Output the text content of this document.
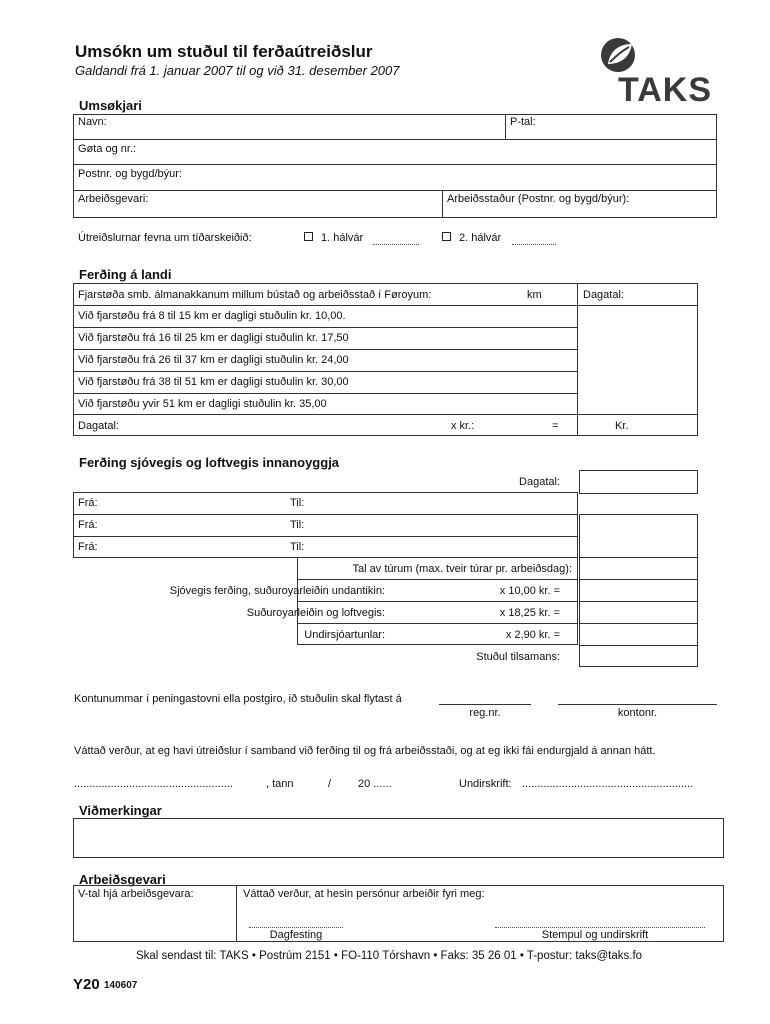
Umsókn um stuðul til ferðaútreiðslur
Galdandi frá 1. januar 2007 til og við 31. desember 2007
TAKS
Umsøkjari
Navn:	P-tal:
Gøta og nr.:
Postnr. og bygd/býur:
Arbeiðsgevari:	Arbeiðsstaður (Postnr. og bygd/býur):
Útreiðslurnar fevna um tíðarskeiðið:	1. hálvár	2. hálvár
Ferðing á landi
Fjarstøða smb. álmanakkanum millum bústað og arbeiðsstað í Føroyum:	km	Dagatal:
Við fjarstøðu frá 8 til 15 km er dagligi stuðulin kr. 10,00.
Við fjarstøðu frá 16 til 25 km er dagligi stuðulin kr. 17,50
Við fjarstøðu frá 26 til 37 km er dagligi stuðulin kr. 24,00
Við fjarstøðu frá 38 til 51 km er dagligi stuðulin kr. 30,00
Við fjarstøðu yvir 51 km er dagligi stuðulin kr. 35,00
Dagatal:	x kr.:	=	Kr.
Ferðing sjóvegis og loftvegis innanoyggja
Dagatal:
Frá:	Til:
Frá:	Til:
Frá:	Til:
Tal av túrum (max. tveir túrar pr. arbeiðsdag):
Sjóvegis ferðing, suðuroyarleiðin undantikin:	x 10,00 kr. =
Suðuroyarleiðin og loftvegis:	x 18,25 kr. =
Undirsjóartunlar:	x 2,90 kr. =
Stuðul tilsamans:
Kontunummar í peningastovni ella postgiro, ið stuðulin skal flytast á
reg.nr.	kontonr.
Váttað verður, at eg havi útreiðslur í samband við ferðing til og frá arbeiðsstaði, og at eg ikki fái endurgjald á annan hátt.
....................................................	, tann	/ 20 ......	Undirskrift: ........................................................
Viðmerkingar
Arbeiðsgevari
V-tal hjá arbeiðsgevara:	Váttað verður, at hesin persónur arbeiðir fyri meg:
Dagfesting	Stempul og undirskrift
Skal sendast til: TAKS • Postrúm 2151 • FO-110 Tórshavn • Faks: 35 26 01 • T-postur: taks@taks.fo
Y20 140607
